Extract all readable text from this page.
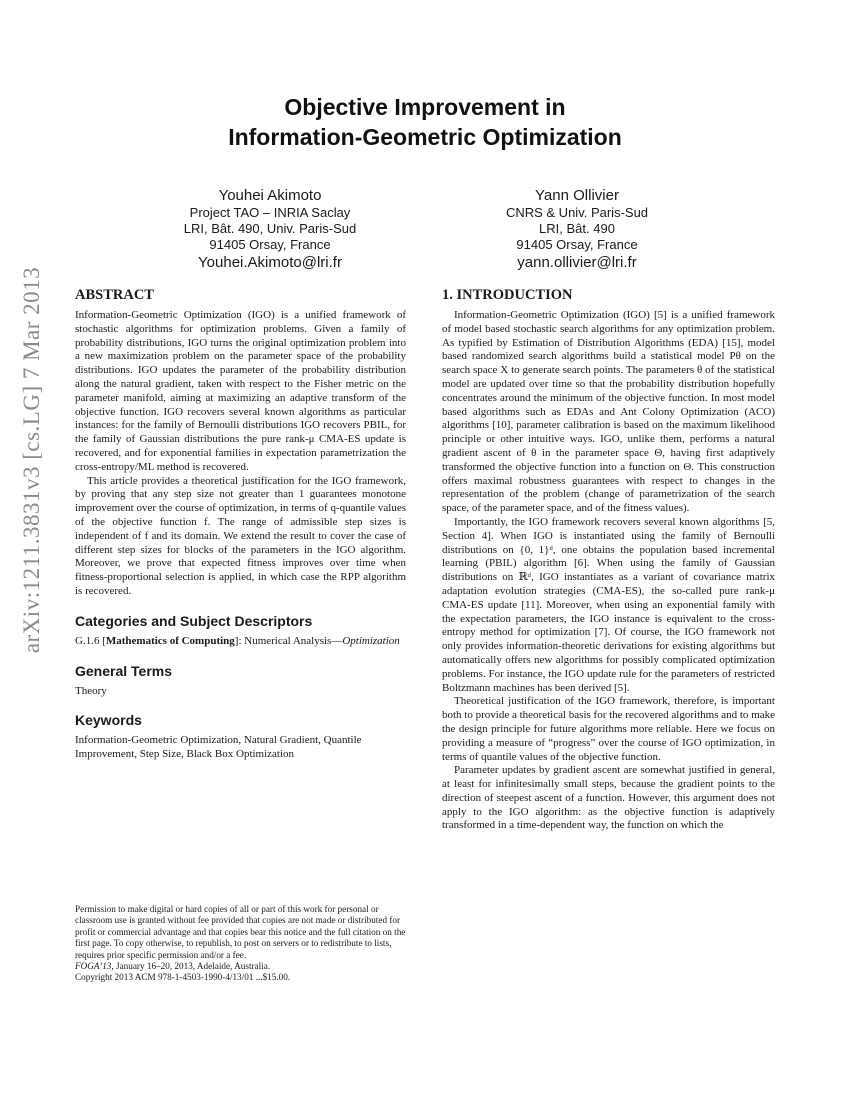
arXiv:1211.3831v3 [cs.LG] 7 Mar 2013
Objective Improvement in
Information-Geometric Optimization
Youhei Akimoto
Project TAO – INRIA Saclay
LRI, Bât. 490, Univ. Paris-Sud
91405 Orsay, France
Youhei.Akimoto@lri.fr
Yann Ollivier
CNRS & Univ. Paris-Sud
LRI, Bât. 490
91405 Orsay, France
yann.ollivier@lri.fr
ABSTRACT

Information-Geometric Optimization (IGO) is a unified framework of stochastic algorithms for optimization problems. Given a family of probability distributions, IGO turns the original optimization problem into a new maximization problem on the parameter space of the probability distributions. IGO updates the parameter of the probability distribution along the natural gradient, taken with respect to the Fisher metric on the parameter manifold, aiming at maximizing an adaptive transform of the objective function. IGO recovers several known algorithms as particular instances: for the family of Bernoulli distributions IGO recovers PBIL, for the family of Gaussian distributions the pure rank-μ CMA-ES update is recovered, and for exponential families in expectation parametrization the cross-entropy/ML method is recovered.

This article provides a theoretical justification for the IGO framework, by proving that any step size not greater than 1 guarantees monotone improvement over the course of optimization, in terms of q-quantile values of the objective function f. The range of admissible step sizes is independent of f and its domain. We extend the result to cover the case of different step sizes for blocks of the parameters in the IGO algorithm. Moreover, we prove that expected fitness improves over time when fitness-proportional selection is applied, in which case the RPP algorithm is recovered.

Categories and Subject Descriptors

G.1.6 [Mathematics of Computing]: Numerical Analysis—Optimization

General Terms

Theory

Keywords

Information-Geometric Optimization, Natural Gradient, Quantile Improvement, Step Size, Black Box Optimization

Permission to make digital or hard copies of all or part of this work for personal or classroom use is granted without fee provided that copies are not made or distributed for profit or commercial advantage and that copies bear this notice and the full citation on the first page. To copy otherwise, to republish, to post on servers or to redistribute to lists, requires prior specific permission and/or a fee.

FOGA’13, January 16–20, 2013, Adelaide, Australia.

Copyright 2013 ACM 978-1-4503-1990-4/13/01 ...$15.00.

1. INTRODUCTION

Information-Geometric Optimization (IGO) [5] is a unified framework of model based stochastic search algorithms for any optimization problem. As typified by Estimation of Distribution Algorithms (EDA) [15], model based randomized search algorithms build a statistical model Pθ on the search space X to generate search points. The parameters θ of the statistical model are updated over time so that the probability distribution hopefully concentrates around the minimum of the objective function. In most model based algorithms such as EDAs and Ant Colony Optimization (ACO) algorithms [10], parameter calibration is based on the maximum likelihood principle or other intuitive ways. IGO, unlike them, performs a natural gradient ascent of θ in the parameter space Θ, having first adaptively transformed the objective function into a function on Θ. This construction offers maximal robustness guarantees with respect to changes in the representation of the problem (change of parametrization of the search space, of the parameter space, and of the fitness values).

Importantly, the IGO framework recovers several known algorithms [5, Section 4]. When IGO is instantiated using the family of Bernoulli distributions on {0, 1}ᵈ, one obtains the population based incremental learning (PBIL) algorithm [6]. When using the family of Gaussian distributions on ℝᵈ, IGO instantiates as a variant of covariance matrix adaptation evolution strategies (CMA-ES), the so-called pure rank-μ CMA-ES update [11]. Moreover, when using an exponential family with the expectation parameters, the IGO instance is equivalent to the cross-entropy method for optimization [7]. Of course, the IGO framework not only provides information-theoretic derivations for existing algorithms but automatically offers new algorithms for possibly complicated optimization problems. For instance, the IGO update rule for the parameters of restricted Boltzmann machines has been derived [5].

Theoretical justification of the IGO framework, therefore, is important both to provide a theoretical basis for the recovered algorithms and to make the design principle for future algorithms more reliable. Here we focus on providing a measure of “progress” over the course of IGO optimization, in terms of quantile values of the objective function.

Parameter updates by gradient ascent are somewhat justified in general, at least for infinitesimally small steps, because the gradient points to the direction of steepest ascent of a function. However, this argument does not apply to the IGO algorithm: as the objective function is adaptively transformed in a time-dependent way, the function on which the
